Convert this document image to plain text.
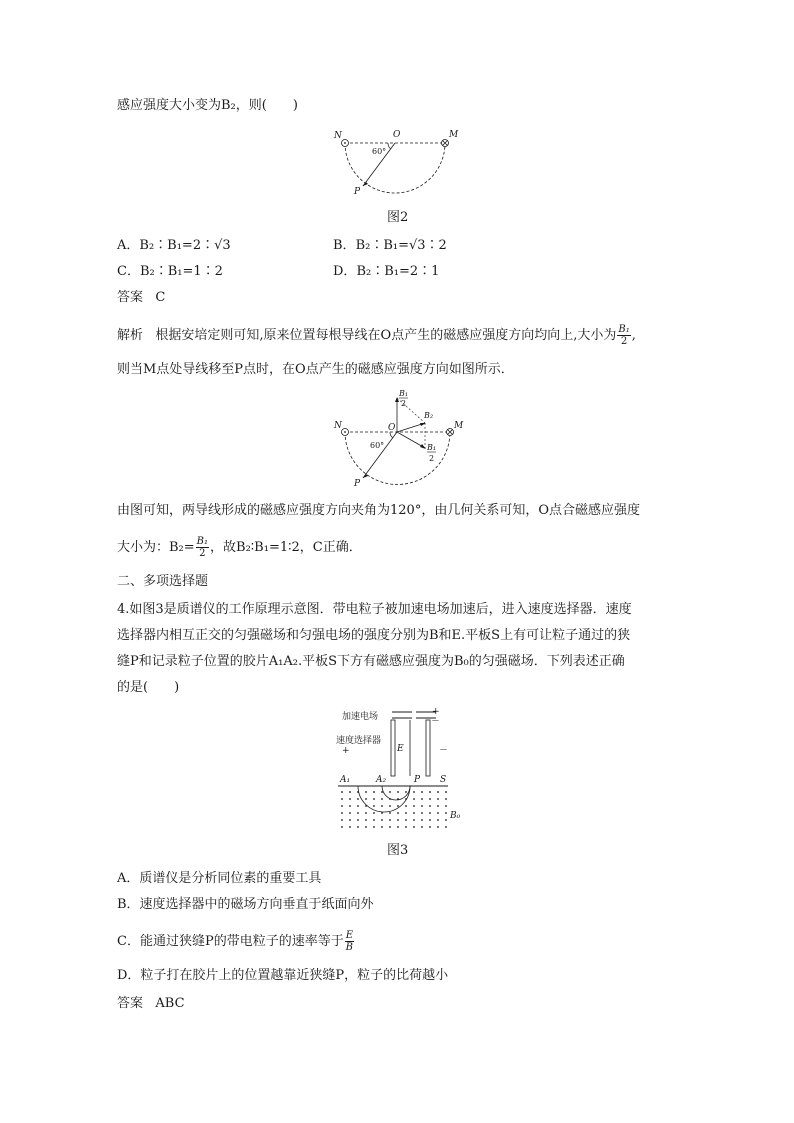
感应强度大小变为B₂，则(　　)
N	O	M
P
60°
图2
A．B₂∶B₁=2∶√3	B．B₂∶B₁=√3∶2
C．B₂∶B₁=1∶2	D．B₂∶B₁=2∶1
答案 C
解析 根据安培定则可知,原来位置每根导线在O点产生的磁感应强度方向均向上,大小为 $\frac{\text{B₁}}{2}$ ,
则当M点处导线移至P点时，在O点产生的磁感应强度方向如图所示．
N	O	M
P
60°
B₁
2
B₂
B₁
2
由图可知，两导线形成的磁感应强度方向夹角为120°，由几何关系可知，O点合磁感应强度
大小为：$B_2= \frac{\text{B₁}}{2}$ ，故B₂∶B₁=1∶2，C正确．
二、多项选择题
4.如图3是质谱仪的工作原理示意图．带电粒子被加速电场加速后，进入速度选择器．速度
选择器内相互正交的匀强磁场和匀强电场的强度分别为B和E.平板S上有可让粒子通过的狭
缝P和记录粒子位置的胶片A₁A₂.平板S下方有磁感应强度为B₀的匀强磁场．下列表述正确
的是(　　)
加速电场	+
—
速度选择器
+	E	—
A₁	A₂	P S
B₀
图3
A．质谱仪是分析同位素的重要工具
B．速度选择器中的磁场方向垂直于纸面向外
C．能通过狭缝P的带电粒子的速率等于 $\frac{E}{B}$
D．粒子打在胶片上的位置越靠近狭缝P，粒子的比荷越小
答案 ABC
